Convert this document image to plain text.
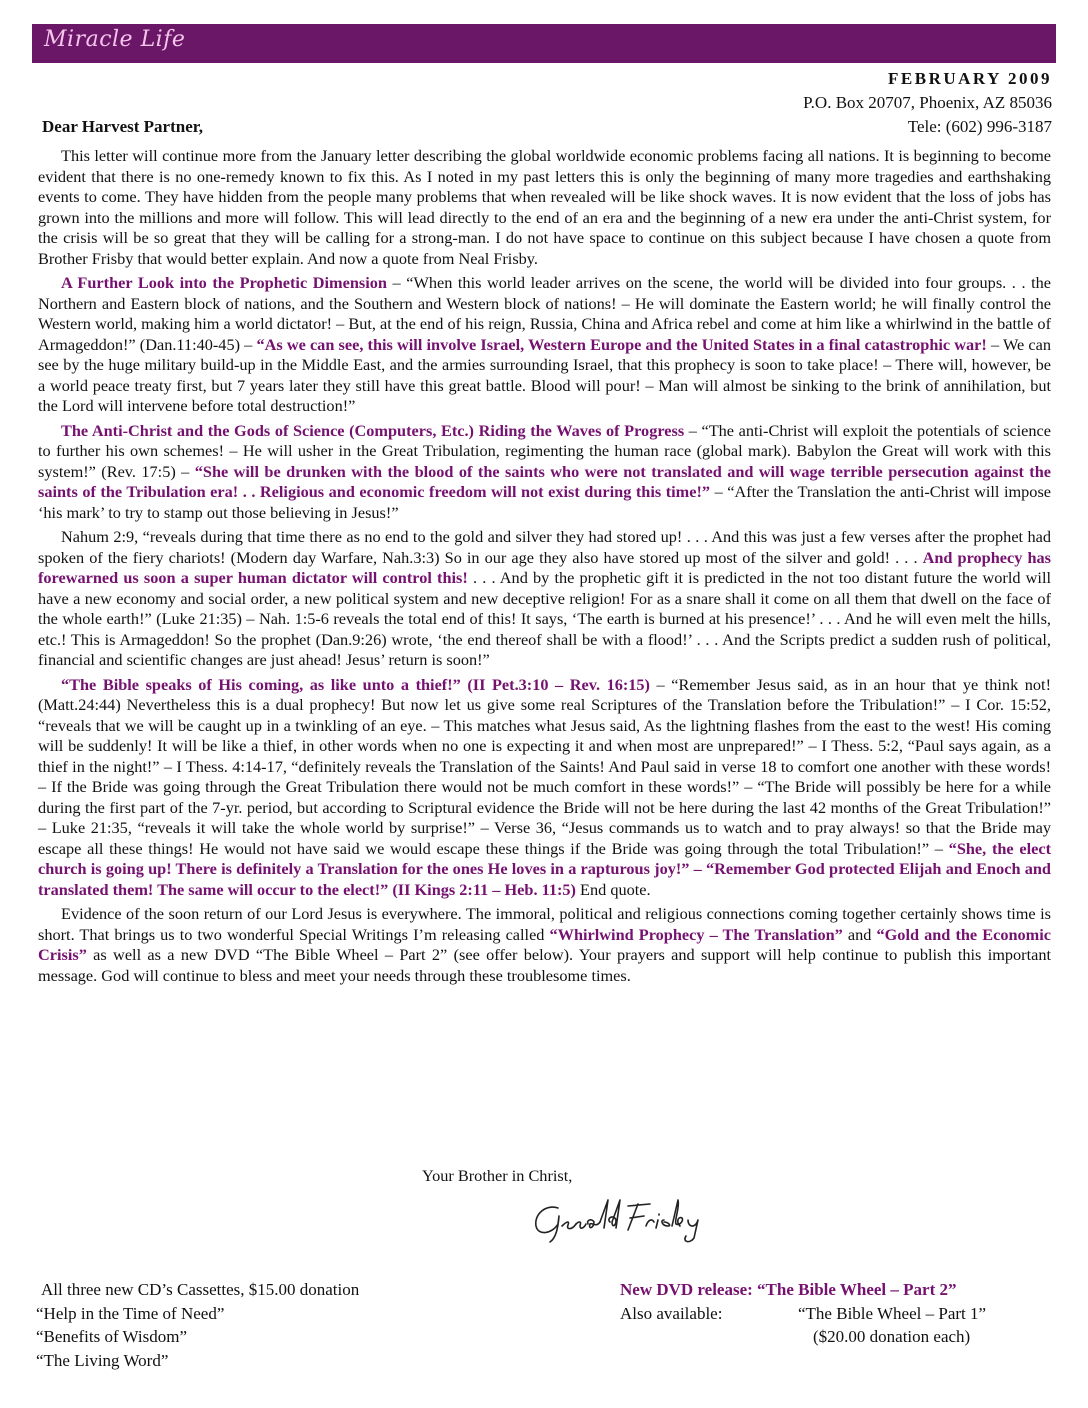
Miracle Life
FEBRUARY 2009
P.O. Box 20707, Phoenix, AZ 85036
Tele: (602) 996-3187
Dear Harvest Partner,

This letter will continue more from the January letter describing the global worldwide economic problems facing all nations. It is beginning to become evident that there is no one-remedy known to fix this. As I noted in my past letters this is only the beginning of many more tragedies and earthshaking events to come. They have hidden from the people many problems that when revealed will be like shock waves. It is now evident that the loss of jobs has grown into the millions and more will follow. This will lead directly to the end of an era and the beginning of a new era under the anti-Christ system, for the crisis will be so great that they will be calling for a strong-man. I do not have space to continue on this subject because I have chosen a quote from Brother Frisby that would better explain. And now a quote from Neal Frisby.

A Further Look into the Prophetic Dimension – “When this world leader arrives on the scene, the world will be divided into four groups. . . the Northern and Eastern block of nations, and the Southern and Western block of nations! – He will dominate the Eastern world; he will finally control the Western world, making him a world dictator! – But, at the end of his reign, Russia, China and Africa rebel and come at him like a whirlwind in the battle of Armageddon!” (Dan.11:40-45) – “As we can see, this will involve Israel, Western Europe and the United States in a final catastrophic war! – We can see by the huge military build-up in the Middle East, and the armies surrounding Israel, that this prophecy is soon to take place! – There will, however, be a world peace treaty first, but 7 years later they still have this great battle. Blood will pour! – Man will almost be sinking to the brink of annihilation, but the Lord will intervene before total destruction!”

The Anti-Christ and the Gods of Science (Computers, Etc.) Riding the Waves of Progress – “The anti-Christ will exploit the potentials of science to further his own schemes! – He will usher in the Great Tribulation, regimenting the human race (global mark). Babylon the Great will work with this system!” (Rev. 17:5) – “She will be drunken with the blood of the saints who were not translated and will wage terrible persecution against the saints of the Tribulation era! . . Religious and economic freedom will not exist during this time!” – “After the Translation the anti-Christ will impose ‘his mark’ to try to stamp out those believing in Jesus!”

Nahum 2:9, “reveals during that time there as no end to the gold and silver they had stored up! . . . And this was just a few verses after the prophet had spoken of the fiery chariots! (Modern day Warfare, Nah.3:3) So in our age they also have stored up most of the silver and gold! . . . And prophecy has forewarned us soon a super human dictator will control this! . . . And by the prophetic gift it is predicted in the not too distant future the world will have a new economy and social order, a new political system and new deceptive religion! For as a snare shall it come on all them that dwell on the face of the whole earth!” (Luke 21:35) – Nah. 1:5-6 reveals the total end of this! It says, ‘The earth is burned at his presence!’ . . . And he will even melt the hills, etc.! This is Armageddon! So the prophet (Dan.9:26) wrote, ‘the end thereof shall be with a flood!’ . . . And the Scripts predict a sudden rush of political, financial and scientific changes are just ahead! Jesus’ return is soon!”

“The Bible speaks of His coming, as like unto a thief!” (II Pet.3:10 – Rev. 16:15) – “Remember Jesus said, as in an hour that ye think not! (Matt.24:44) Nevertheless this is a dual prophecy! But now let us give some real Scriptures of the Translation before the Tribulation!” – I Cor. 15:52, “reveals that we will be caught up in a twinkling of an eye. – This matches what Jesus said, As the lightning flashes from the east to the west! His coming will be suddenly! It will be like a thief, in other words when no one is expecting it and when most are unprepared!” – I Thess. 5:2, “Paul says again, as a thief in the night!” – I Thess. 4:14-17, “definitely reveals the Translation of the Saints! And Paul said in verse 18 to comfort one another with these words! – If the Bride was going through the Great Tribulation there would not be much comfort in these words!” – “The Bride will possibly be here for a while during the first part of the 7-yr. period, but according to Scriptural evidence the Bride will not be here during the last 42 months of the Great Tribulation!” – Luke 21:35, “reveals it will take the whole world by surprise!” – Verse 36, “Jesus commands us to watch and to pray always! so that the Bride may escape all these things! He would not have said we would escape these things if the Bride was going through the total Tribulation!” – “She, the elect church is going up! There is definitely a Translation for the ones He loves in a rapturous joy!” – “Remember God protected Elijah and Enoch and translated them! The same will occur to the elect!” (II Kings 2:11 – Heb. 11:5) End quote.

Evidence of the soon return of our Lord Jesus is everywhere. The immoral, political and religious connections coming together certainly shows time is short. That brings us to two wonderful Special Writings I’m releasing called “Whirlwind Prophecy – The Translation” and “Gold and the Economic Crisis” as well as a new DVD “The Bible Wheel – Part 2” (see offer below). Your prayers and support will help continue to publish this important message. God will continue to bless and meet your needs through these troublesome times.

Your Brother in Christ,
All three new CD’s Cassettes, $15.00 donation
“Help in the Time of Need”
“Benefits of Wisdom”
“The Living Word”
New DVD release: “The Bible Wheel – Part 2”
Also available:	“The Bible Wheel – Part 1”
($20.00 donation each)
